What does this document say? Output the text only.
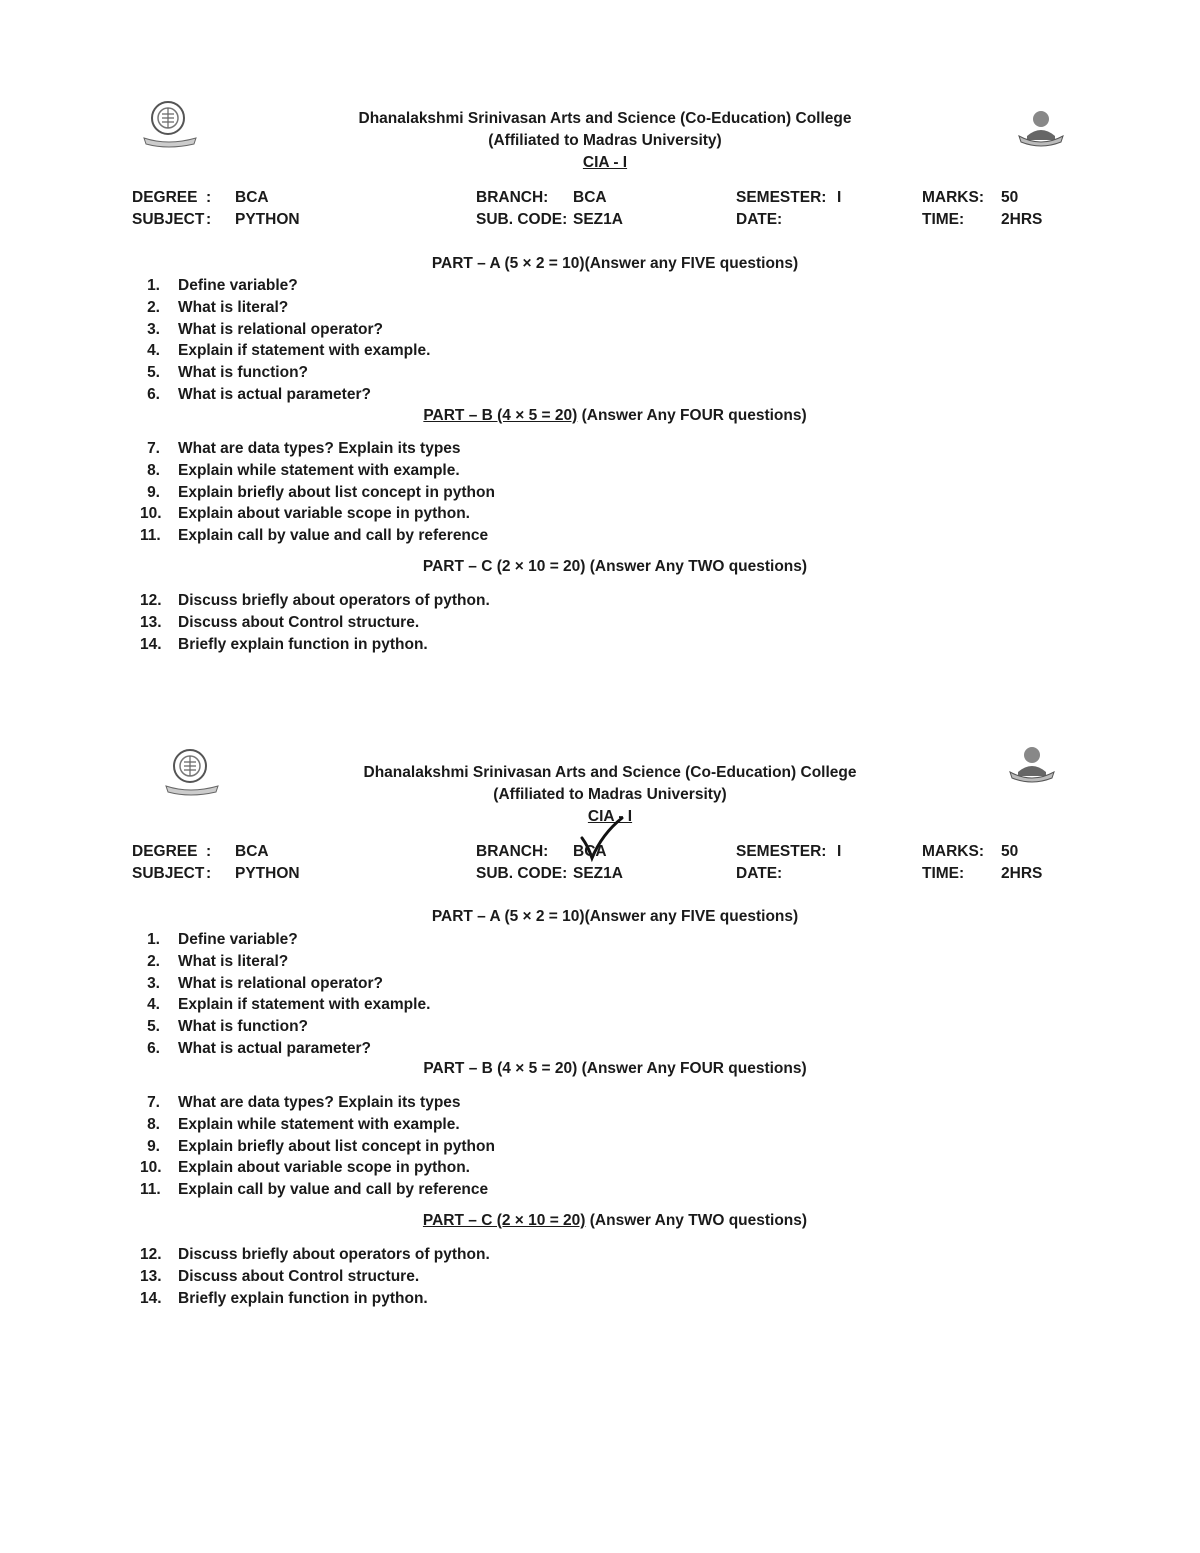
Dhanalakshmi Srinivasan Arts and Science (Co-Education) College
(Affiliated to Madras University)
CIA - I
DEGREE : BCA	BRANCH: BCA	SEMESTER: I	MARKS: 50
SUBJECT : PYTHON	SUB. CODE: SEZ1A	DATE:	TIME: 2HRS
PART – A (5 × 2 = 10)(Answer any FIVE questions)
1. Define variable?
2. What is literal?
3. What is relational operator?
4. Explain if statement with example.
5. What is function?
6. What is actual parameter?
PART – B (4 × 5 = 20) (Answer Any FOUR questions)
7. What are data types? Explain its types
8. Explain while statement with example.
9. Explain briefly about list concept in python
10. Explain about variable scope in python.
11. Explain call by value and call by reference
PART – C (2 × 10 = 20) (Answer Any TWO questions)
12. Discuss briefly about operators of python.
13. Discuss about Control structure.
14. Briefly explain function in python.
Dhanalakshmi Srinivasan Arts and Science (Co-Education) College
(Affiliated to Madras University)
CIA - I
DEGREE : BCA	BRANCH: BCA	SEMESTER: I	MARKS: 50
SUBJECT : PYTHON	SUB. CODE: SEZ1A	DATE:	TIME: 2HRS
PART – A (5 × 2 = 10)(Answer any FIVE questions)
1. Define variable?
2. What is literal?
3. What is relational operator?
4. Explain if statement with example.
5. What is function?
6. What is actual parameter?
PART – B (4 × 5 = 20) (Answer Any FOUR questions)
7. What are data types? Explain its types
8. Explain while statement with example.
9. Explain briefly about list concept in python
10. Explain about variable scope in python.
11. Explain call by value and call by reference
PART – C (2 × 10 = 20) (Answer Any TWO questions)
12. Discuss briefly about operators of python.
13. Discuss about Control structure.
14. Briefly explain function in python.
